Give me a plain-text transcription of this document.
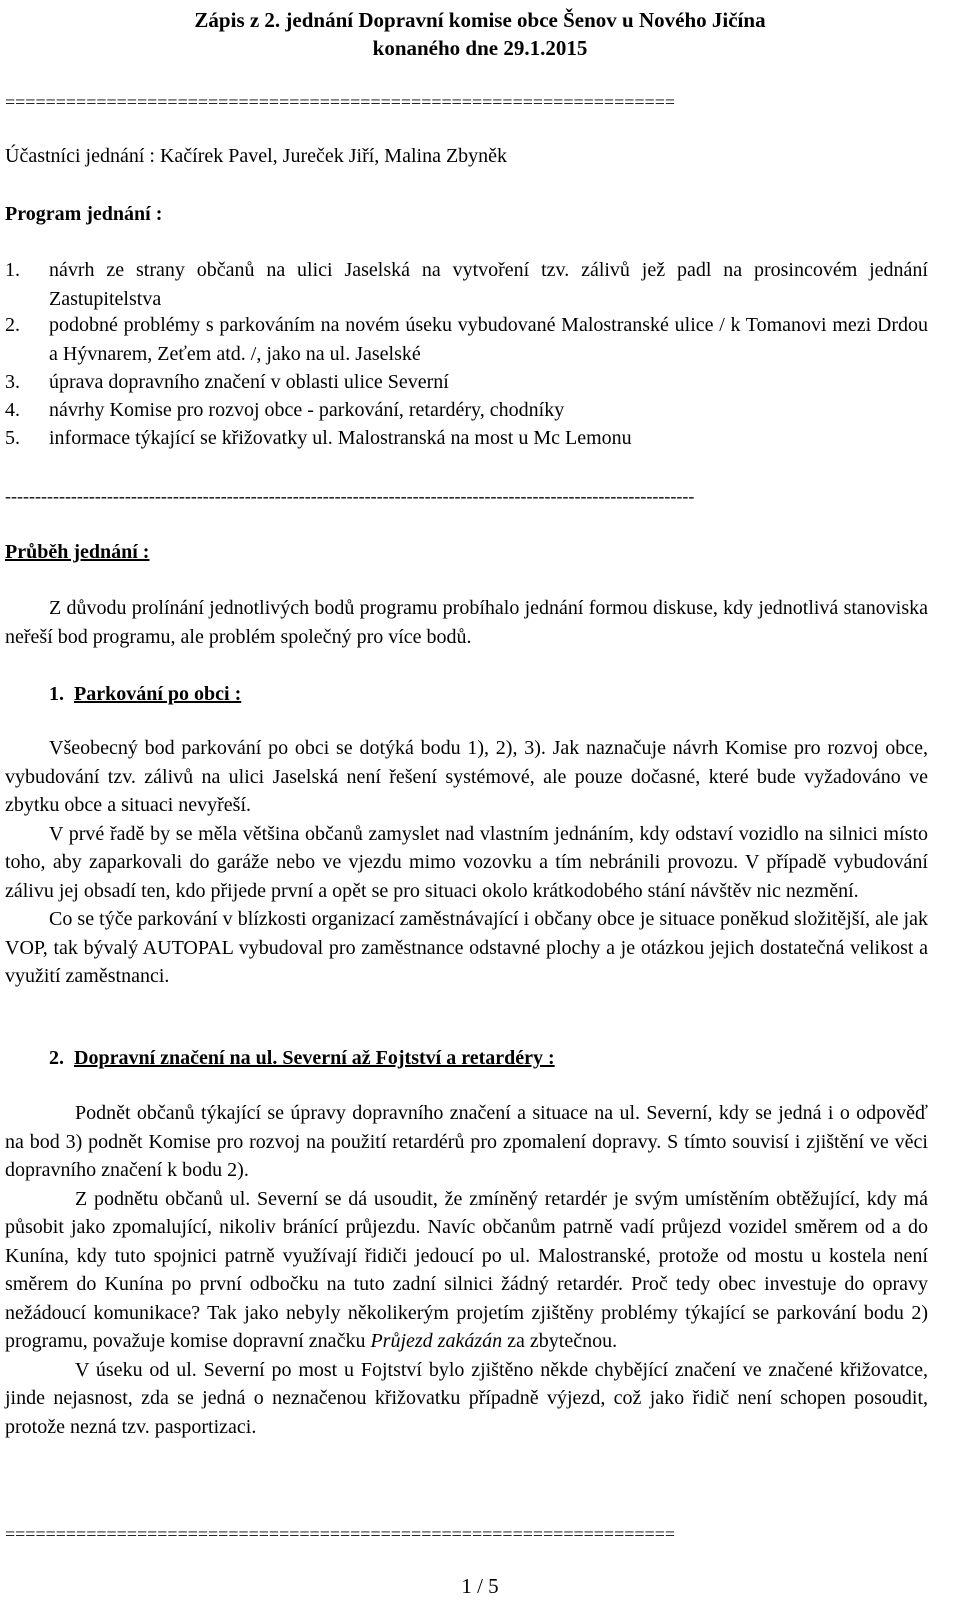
Zápis z 2. jednání Dopravní komise obce Šenov u Nového Jičína
konaného dne 29.1.2015
==================================================================
Účastníci jednání : Kačírek Pavel, Jureček Jiří, Malina Zbyněk
Program jednání :
1. návrh ze strany občanů na ulici Jaselská na vytvoření tzv. zálivů jež padl na prosincovém jednání Zastupitelstva
2. podobné problémy s parkováním na novém úseku vybudované Malostranské ulice / k Tomanovi mezi Drdou a Hývnarem, Zeťem atd. /, jako na ul. Jaselské
3. úprava dopravního značení v oblasti ulice Severní
4. návrhy Komise pro rozvoj obce - parkování, retardéry, chodníky
5. informace týkající se křižovatky ul. Malostranská na most u Mc Lemonu
-------------------------------------------------------------------------------------------------------------------
Průběh jednání :

Z důvodu prolínání jednotlivých bodů programu probíhalo jednání formou diskuse, kdy jednotlivá stanoviska neřeší bod programu, ale problém společný pro více bodů.

1. Parkování po obci :

Všeobecný bod parkování po obci se dotýká bodu 1), 2), 3). Jak naznačuje návrh Komise pro rozvoj obce, vybudování tzv. zálivů na ulici Jaselská není řešení systémové, ale pouze dočasné, které bude vyžadováno ve zbytku obce a situaci nevyřeší.

V prvé řadě by se měla většina občanů zamyslet nad vlastním jednáním, kdy odstaví vozidlo na silnici místo toho, aby zaparkovali do garáže nebo ve vjezdu mimo vozovku a tím nebránili provozu. V případě vybudování zálivu jej obsadí ten, kdo přijede první a opět se pro situaci okolo krátkodobého stání návštěv nic nezmění.

Co se týče parkování v blízkosti organizací zaměstnávající i občany obce je situace poněkud složitější, ale jak VOP, tak bývalý AUTOPAL vybudoval pro zaměstnance odstavné plochy a je otázkou jejich dostatečná velikost a využití zaměstnanci.

2. Dopravní značení na ul. Severní až Fojtství a retardéry :

Podnět občanů týkající se úpravy dopravního značení a situace na ul. Severní, kdy se jedná i o odpověď na bod 3) podnět Komise pro rozvoj na použití retardérů pro zpomalení dopravy. S tímto souvisí i zjištění ve věci dopravního značení k bodu 2).

Z podnětu občanů ul. Severní se dá usoudit, že zmíněný retardér je svým umístěním obtěžující, kdy má působit jako zpomalující, nikoliv bránící průjezdu. Navíc občanům patrně vadí průjezd vozidel směrem od a do Kunína, kdy tuto spojnici patrně využívají řidiči jedoucí po ul. Malostranské, protože od mostu u kostela není směrem do Kunína po první odbočku na tuto zadní silnici žádný retardér. Proč tedy obec investuje do opravy nežádoucí komunikace? Tak jako nebyly několikerým projetím zjištěny problémy týkající se parkování bodu 2) programu, považuje komise dopravní značku Průjezd zakázán za zbytečnou.

V úseku od ul. Severní po most u Fojtství bylo zjištěno někde chybějící značení ve značené křižovatce, jinde nejasnost, zda se jedná o neznačenou křižovatku případně výjezd, což jako řidič není schopen posoudit, protože nezná tzv. pasportizaci.

==================================================================
1 / 5
